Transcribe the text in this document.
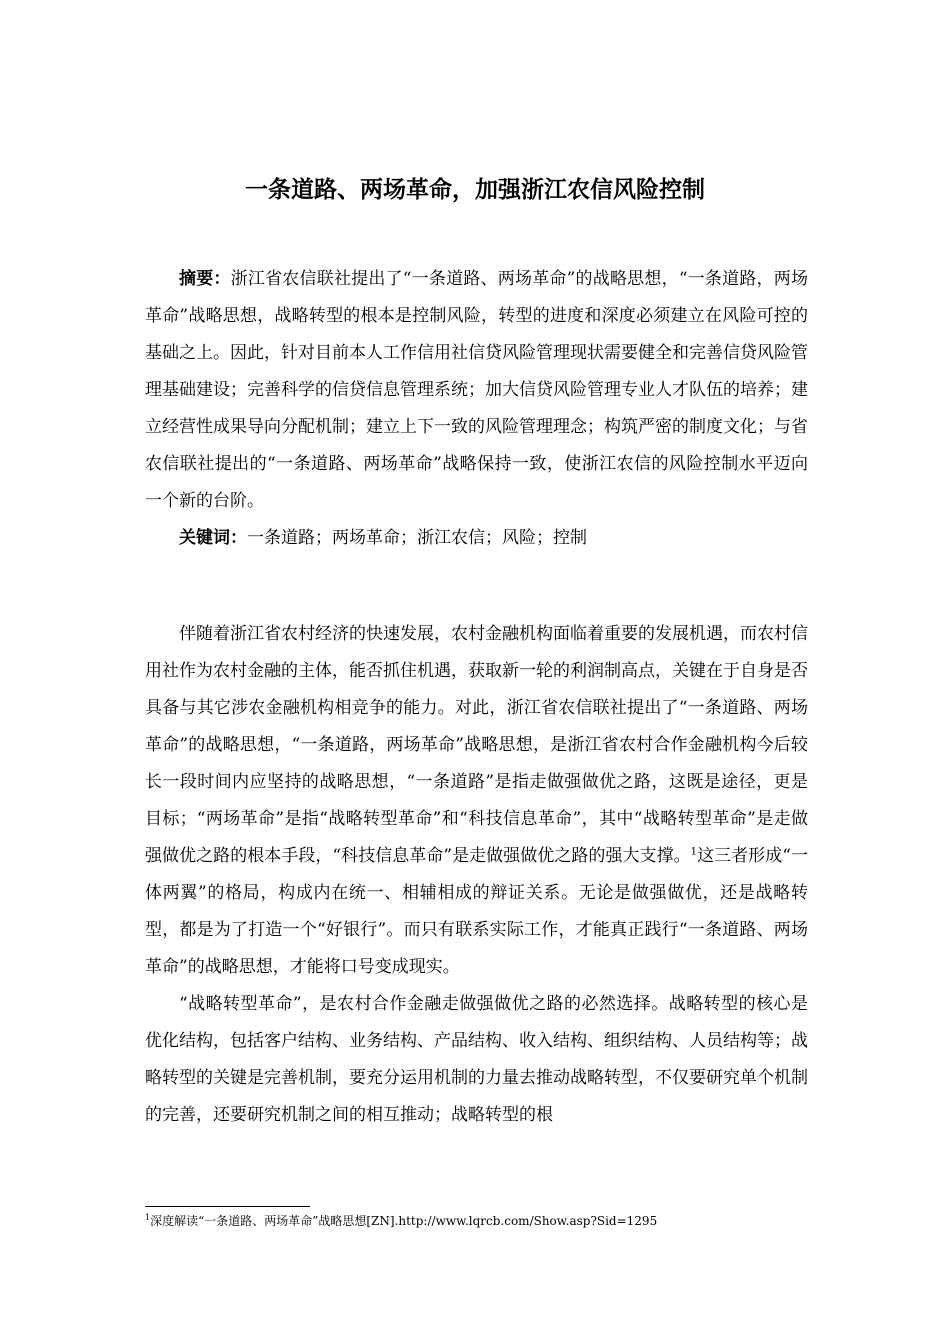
一条道路、两场革命，加强浙江农信风险控制

摘要：浙江省农信联社提出了“一条道路、两场革命”的战略思想，“一条道路，两场革命”战略思想，战略转型的根本是控制风险，转型的进度和深度必须建立在风险可控的基础之上。因此，针对目前本人工作信用社信贷风险管理现状需要健全和完善信贷风险管理基础建设；完善科学的信贷信息管理系统；加大信贷风险管理专业人才队伍的培养；建立经营性成果导向分配机制；建立上下一致的风险管理理念；构筑严密的制度文化；与省农信联社提出的“一条道路、两场革命”战略保持一致，使浙江农信的风险控制水平迈向一个新的台阶。

关键词：一条道路；两场革命；浙江农信；风险；控制

伴随着浙江省农村经济的快速发展，农村金融机构面临着重要的发展机遇，而农村信用社作为农村金融的主体，能否抓住机遇，获取新一轮的利润制高点，关键在于自身是否具备与其它涉农金融机构相竞争的能力。对此，浙江省农信联社提出了“一条道路、两场革命”的战略思想，“一条道路，两场革命”战略思想，是浙江省农村合作金融机构今后较长一段时间内应坚持的战略思想，“一条道路”是指走做强做优之路，这既是途径，更是目标；“两场革命”是指“战略转型革命”和“科技信息革命”，其中“战略转型革命”是走做强做优之路的根本手段，“科技信息革命”是走做强做优之路的强大支撑。$^1$这三者形成“一体两翼”的格局，构成内在统一、相辅相成的辩证关系。无论是做强做优，还是战略转型，都是为了打造一个“好银行”。而只有联系实际工作，才能真正践行“一条道路、两场革命”的战略思想，才能将口号变成现实。

“战略转型革命”，是农村合作金融走做强做优之路的必然选择。战略转型的核心是优化结构，包括客户结构、业务结构、产品结构、收入结构、组织结构、人员结构等；战略转型的关键是完善机制，要充分运用机制的力量去推动战略转型，不仅要研究单个机制的完善，还要研究机制之间的相互推动；战略转型的根

$^1$深度解读“一条道路、两场革命”战略思想[ZN].http://www.lqrcb.com/Show.asp?Sid=1295
